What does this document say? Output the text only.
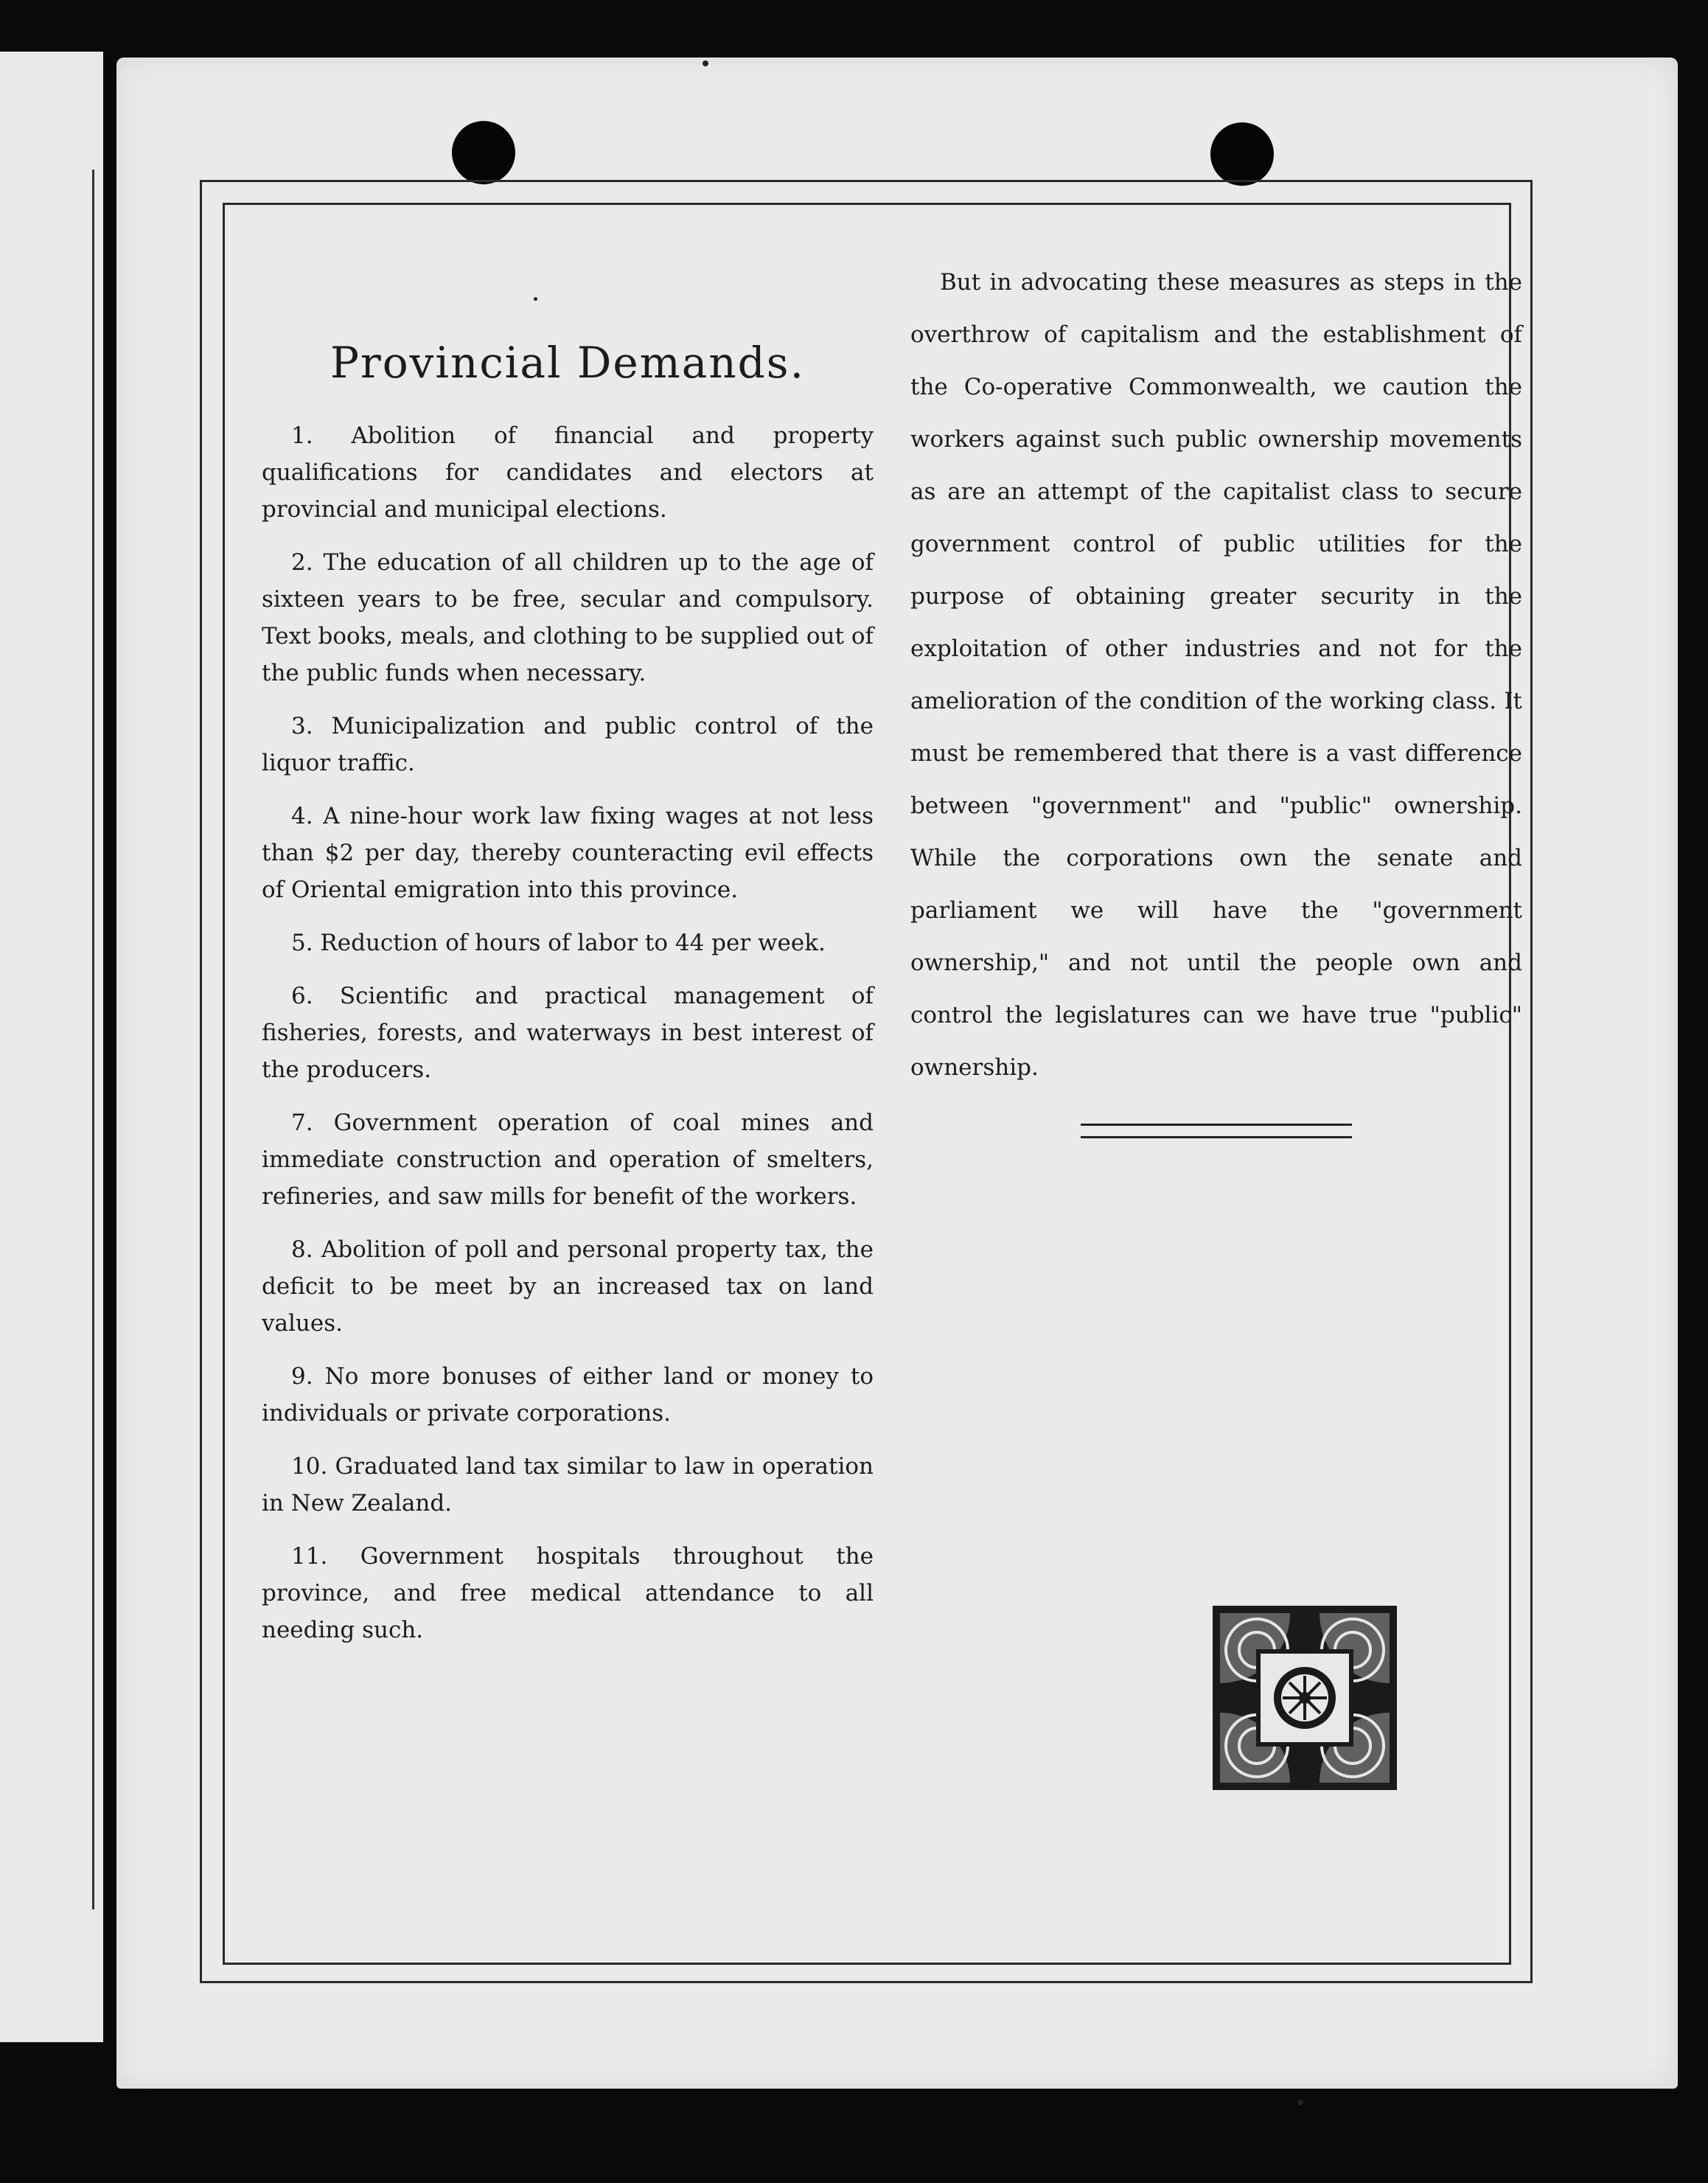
Provincial Demands.

1. Abolition of financial and property qualifications for candidates and electors at provincial and municipal elections.

2. The education of all children up to the age of sixteen years to be free, secular and compulsory. Text books, meals, and clothing to be supplied out of the public funds when necessary.

3. Municipalization and public control of the liquor traffic.

4. A nine-hour work law fixing wages at not less than $2 per day, thereby counteracting evil effects of Oriental emigration into this province.

5. Reduction of hours of labor to 44 per week.

6. Scientific and practical management of fisheries, forests, and waterways in best interest of the producers.

7. Government operation of coal mines and immediate construction and operation of smelters, refineries, and saw mills for benefit of the workers.

8. Abolition of poll and personal property tax, the deficit to be meet by an increased tax on land values.

9. No more bonuses of either land or money to individuals or private corporations.

10. Graduated land tax similar to law in operation in New Zealand.

11. Government hospitals throughout the province, and free medical attendance to all needing such.

But in advocating these measures as steps in the overthrow of capitalism and the establishment of the Co-operative Commonwealth, we caution the workers against such public ownership movements as are an attempt of the capitalist class to secure government control of public utilities for the purpose of obtaining greater security in the exploitation of other industries and not for the amelioration of the condition of the working class. It must be remembered that there is a vast difference between "government" and "public" ownership. While the corporations own the senate and parliament we will have the "government ownership," and not until the people own and control the legislatures can we have true "public" ownership.
